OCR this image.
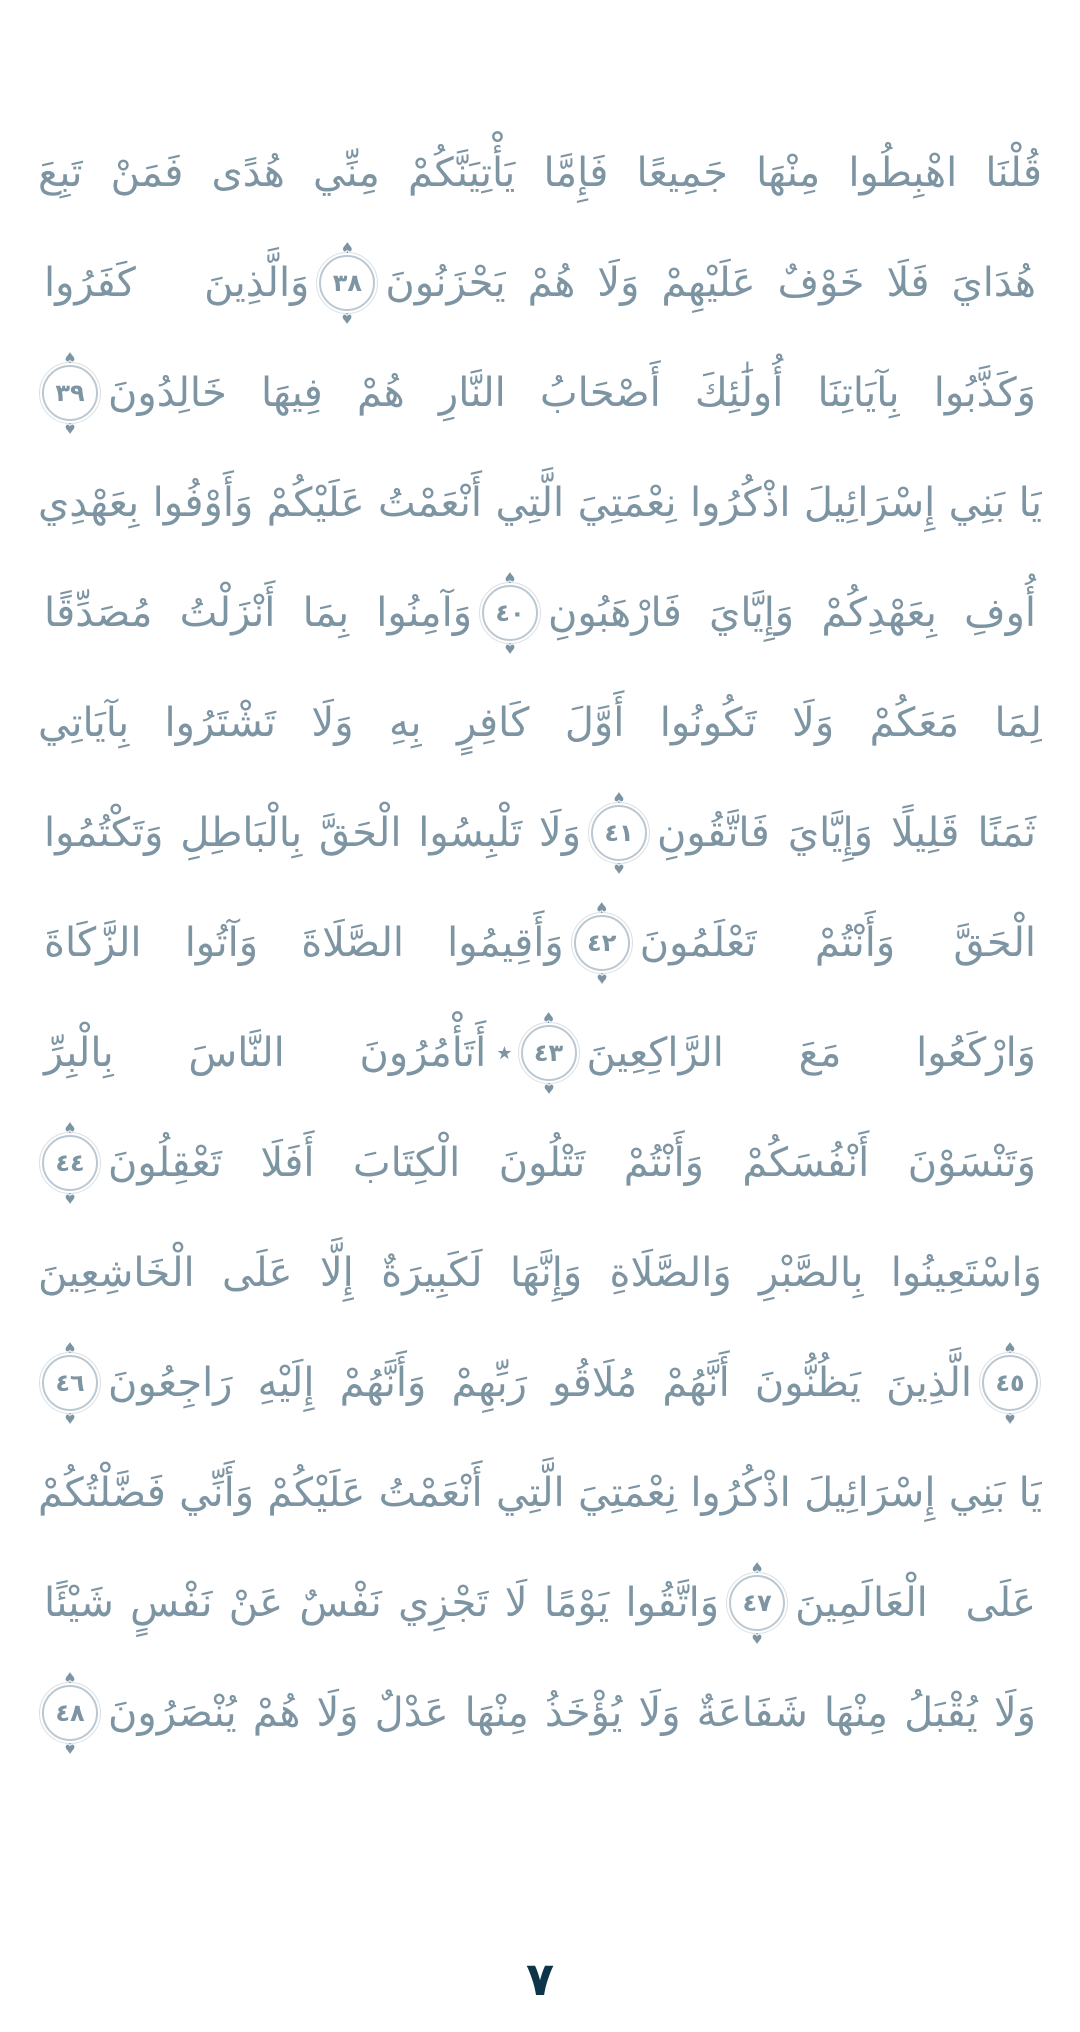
قُلْنَا اهْبِطُوا مِنْهَا جَمِيعًا فَإِمَّا يَأْتِيَنَّكُمْ مِنِّي هُدًى فَمَنْ تَبِعَ
هُدَايَ فَلَا خَوْفٌ عَلَيْهِمْ وَلَا هُمْ يَحْزَنُونَ
♠ ٣٨
♠
وَالَّذِينَ كَفَرُوا
وَكَذَّبُوا بِآيَاتِنَا أُولَٰئِكَ أَصْحَابُ النَّارِ هُمْ فِيهَا خَالِدُونَ
♠ ٣٩
♠
يَا بَنِي إِسْرَائِيلَ اذْكُرُوا نِعْمَتِيَ الَّتِي أَنْعَمْتُ عَلَيْكُمْ وَأَوْفُوا بِعَهْدِي
أُوفِ بِعَهْدِكُمْ وَإِيَّايَ فَارْهَبُونِ
♠ ٤٠
♠
وَآمِنُوا بِمَا أَنْزَلْتُ مُصَدِّقًا
لِمَا مَعَكُمْ وَلَا تَكُونُوا أَوَّلَ كَافِرٍ بِهِ وَلَا تَشْتَرُوا بِآيَاتِي
ثَمَنًا قَلِيلًا وَإِيَّايَ فَاتَّقُونِ
♠ ٤١
♠
وَلَا تَلْبِسُوا الْحَقَّ بِالْبَاطِلِ وَتَكْتُمُوا
الْحَقَّ وَأَنْتُمْ تَعْلَمُونَ
♠ ٤٢
♠
وَأَقِيمُوا الصَّلَاةَ وَآتُوا الزَّكَاةَ
وَارْكَعُوا مَعَ الرَّاكِعِينَ
♠ ٤٣
♠
٭
أَتَأْمُرُونَ النَّاسَ بِالْبِرِّ
وَتَنْسَوْنَ أَنْفُسَكُمْ وَأَنْتُمْ تَتْلُونَ الْكِتَابَ أَفَلَا تَعْقِلُونَ
♠ ٤٤
♠
وَاسْتَعِينُوا بِالصَّبْرِ وَالصَّلَاةِ وَإِنَّهَا لَكَبِيرَةٌ إِلَّا عَلَى الْخَاشِعِينَ
♠ ٤٥
♠
الَّذِينَ يَظُنُّونَ أَنَّهُمْ مُلَاقُو رَبِّهِمْ وَأَنَّهُمْ إِلَيْهِ رَاجِعُونَ
♠ ٤٦
♠
يَا بَنِي إِسْرَائِيلَ اذْكُرُوا نِعْمَتِيَ الَّتِي أَنْعَمْتُ عَلَيْكُمْ وَأَنِّي فَضَّلْتُكُمْ
عَلَى الْعَالَمِينَ
♠ ٤٧
♠
وَاتَّقُوا يَوْمًا لَا تَجْزِي نَفْسٌ عَنْ نَفْسٍ شَيْئًا
وَلَا يُقْبَلُ مِنْهَا شَفَاعَةٌ وَلَا يُؤْخَذُ مِنْهَا عَدْلٌ وَلَا هُمْ يُنْصَرُونَ
♠ ٤٨
♠
٧
